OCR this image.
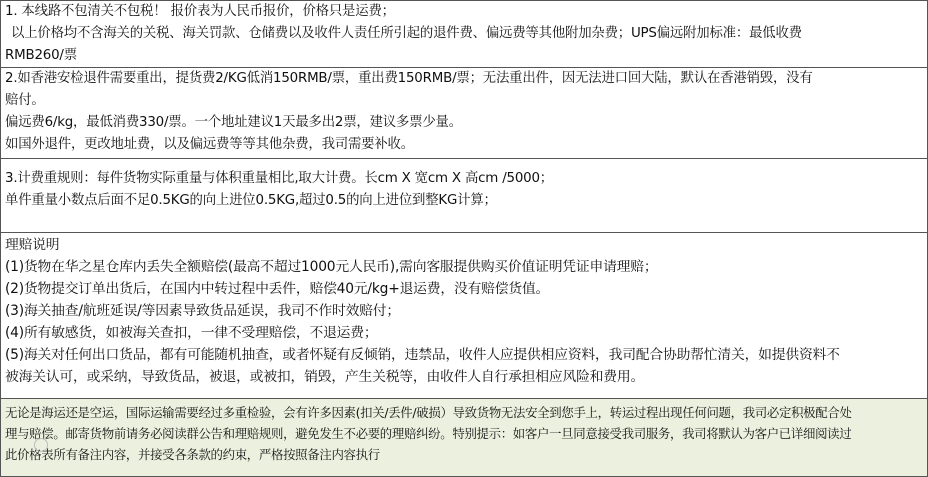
1. 本线路不包清关不包税！ 报价表为人民币报价，价格只是运费；
以上价格均不含海关的关税、海关罚款、仓储费以及收件人责任所引起的退件费、偏远费等其他附加杂费；UPS偏远附加标准：最低收费
RMB260/票
2.如香港安检退件需要重出，提货费2/KG低消150RMB/票，重出费150RMB/票；无法重出件，因无法进口回大陆，默认在香港销毁，没有
赔付。
偏远费6/kg，最低消费330/票。一个地址建议1天最多出2票，建议多票少量。
如国外退件，更改地址费，以及偏远费等等其他杂费，我司需要补收。
3.计费重规则：每件货物实际重量与体积重量相比,取大计费。长cm X 宽cm X 高cm /5000；
单件重量小数点后面不足0.5KG的向上进位0.5KG,超过0.5的向上进位到整KG计算；
理赔说明
(1)货物在华之星仓库内丢失全额赔偿(最高不超过1000元人民币),需向客服提供购买价值证明凭证申请理赔；
(2)货物提交订单出货后，在国内中转过程中丢件，赔偿40元/kg+退运费，没有赔偿货值。
(3)海关抽查/航班延误/等因素导致货品延误，我司不作时效赔付；
(4)所有敏感货，如被海关查扣，一律不受理赔偿，不退运费；
(5)海关对任何出口货品，都有可能随机抽查，或者怀疑有反倾销，违禁品，收件人应提供相应资料，我司配合协助帮忙清关，如提供资料不
被海关认可，或采纳，导致货品，被退，或被扣，销毁，产生关税等，由收件人自行承担相应风险和费用。
无论是海运还是空运，国际运输需要经过多重检验，会有许多因素(扣关/丢件/破损）导致货物无法安全到您手上，转运过程出现任何问题，我司必定积极配合处
理与赔偿。邮寄货物前请务必阅读群公告和理赔规则，避免发生不必要的理赔纠纷。特别提示：如客户一旦同意接受我司服务，我司将默认为客户已详细阅读过
此价格表所有备注内容，并接受各条款的约束，严格按照备注内容执行
